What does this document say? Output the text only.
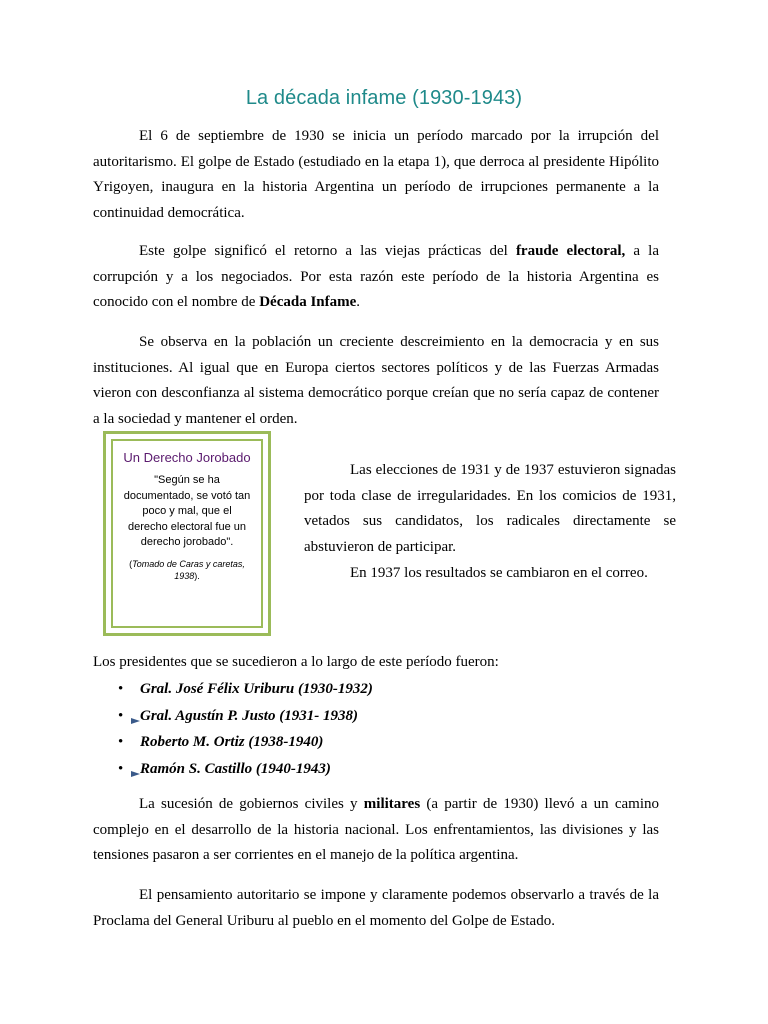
La década infame (1930-1943)

El 6 de septiembre de 1930 se inicia un período marcado por la irrupción del autoritarismo. El golpe de Estado (estudiado en la etapa 1), que derroca al presidente Hipólito Yrigoyen, inaugura en la historia Argentina un período de irrupciones permanente a la continuidad democrática.

Este golpe significó el retorno a las viejas prácticas del fraude electoral, a la corrupción y a los negociados. Por esta razón este período de la historia Argentina es conocido con el nombre de Década Infame.

Se observa en la población un creciente descreimiento en la democracia y en sus instituciones. Al igual que en Europa ciertos sectores políticos y de las Fuerzas Armadas vieron con desconfianza al sistema democrático porque creían que no sería capaz de contener a la sociedad y mantener el orden.

Un Derecho Jorobado
"Según se ha documentado, se votó tan poco y mal, que el derecho electoral fue un derecho jorobado".
(Tomado de Caras y caretas, 1938).

Las elecciones de 1931 y de 1937 estuvieron signadas por toda clase de irregularidades. En los comicios de 1931, vetados sus candidatos, los radicales directamente se abstuvieron de participar.

En 1937 los resultados se cambiaron en el correo.

Los presidentes que se sucedieron a lo largo de este período fueron:

• Gral. José Félix Uriburu (1930-1932)
• Gral. Agustín P. Justo (1931- 1938)
• Roberto M. Ortiz (1938-1940)
• Ramón S. Castillo (1940-1943)

La sucesión de gobiernos civiles y militares (a partir de 1930) llevó a un camino complejo en el desarrollo de la historia nacional. Los enfrentamientos, las divisiones y las tensiones pasaron a ser corrientes en el manejo de la política argentina.

El pensamiento autoritario se impone y claramente podemos observarlo a través de la Proclama del General Uriburu al pueblo en el momento del Golpe de Estado.
